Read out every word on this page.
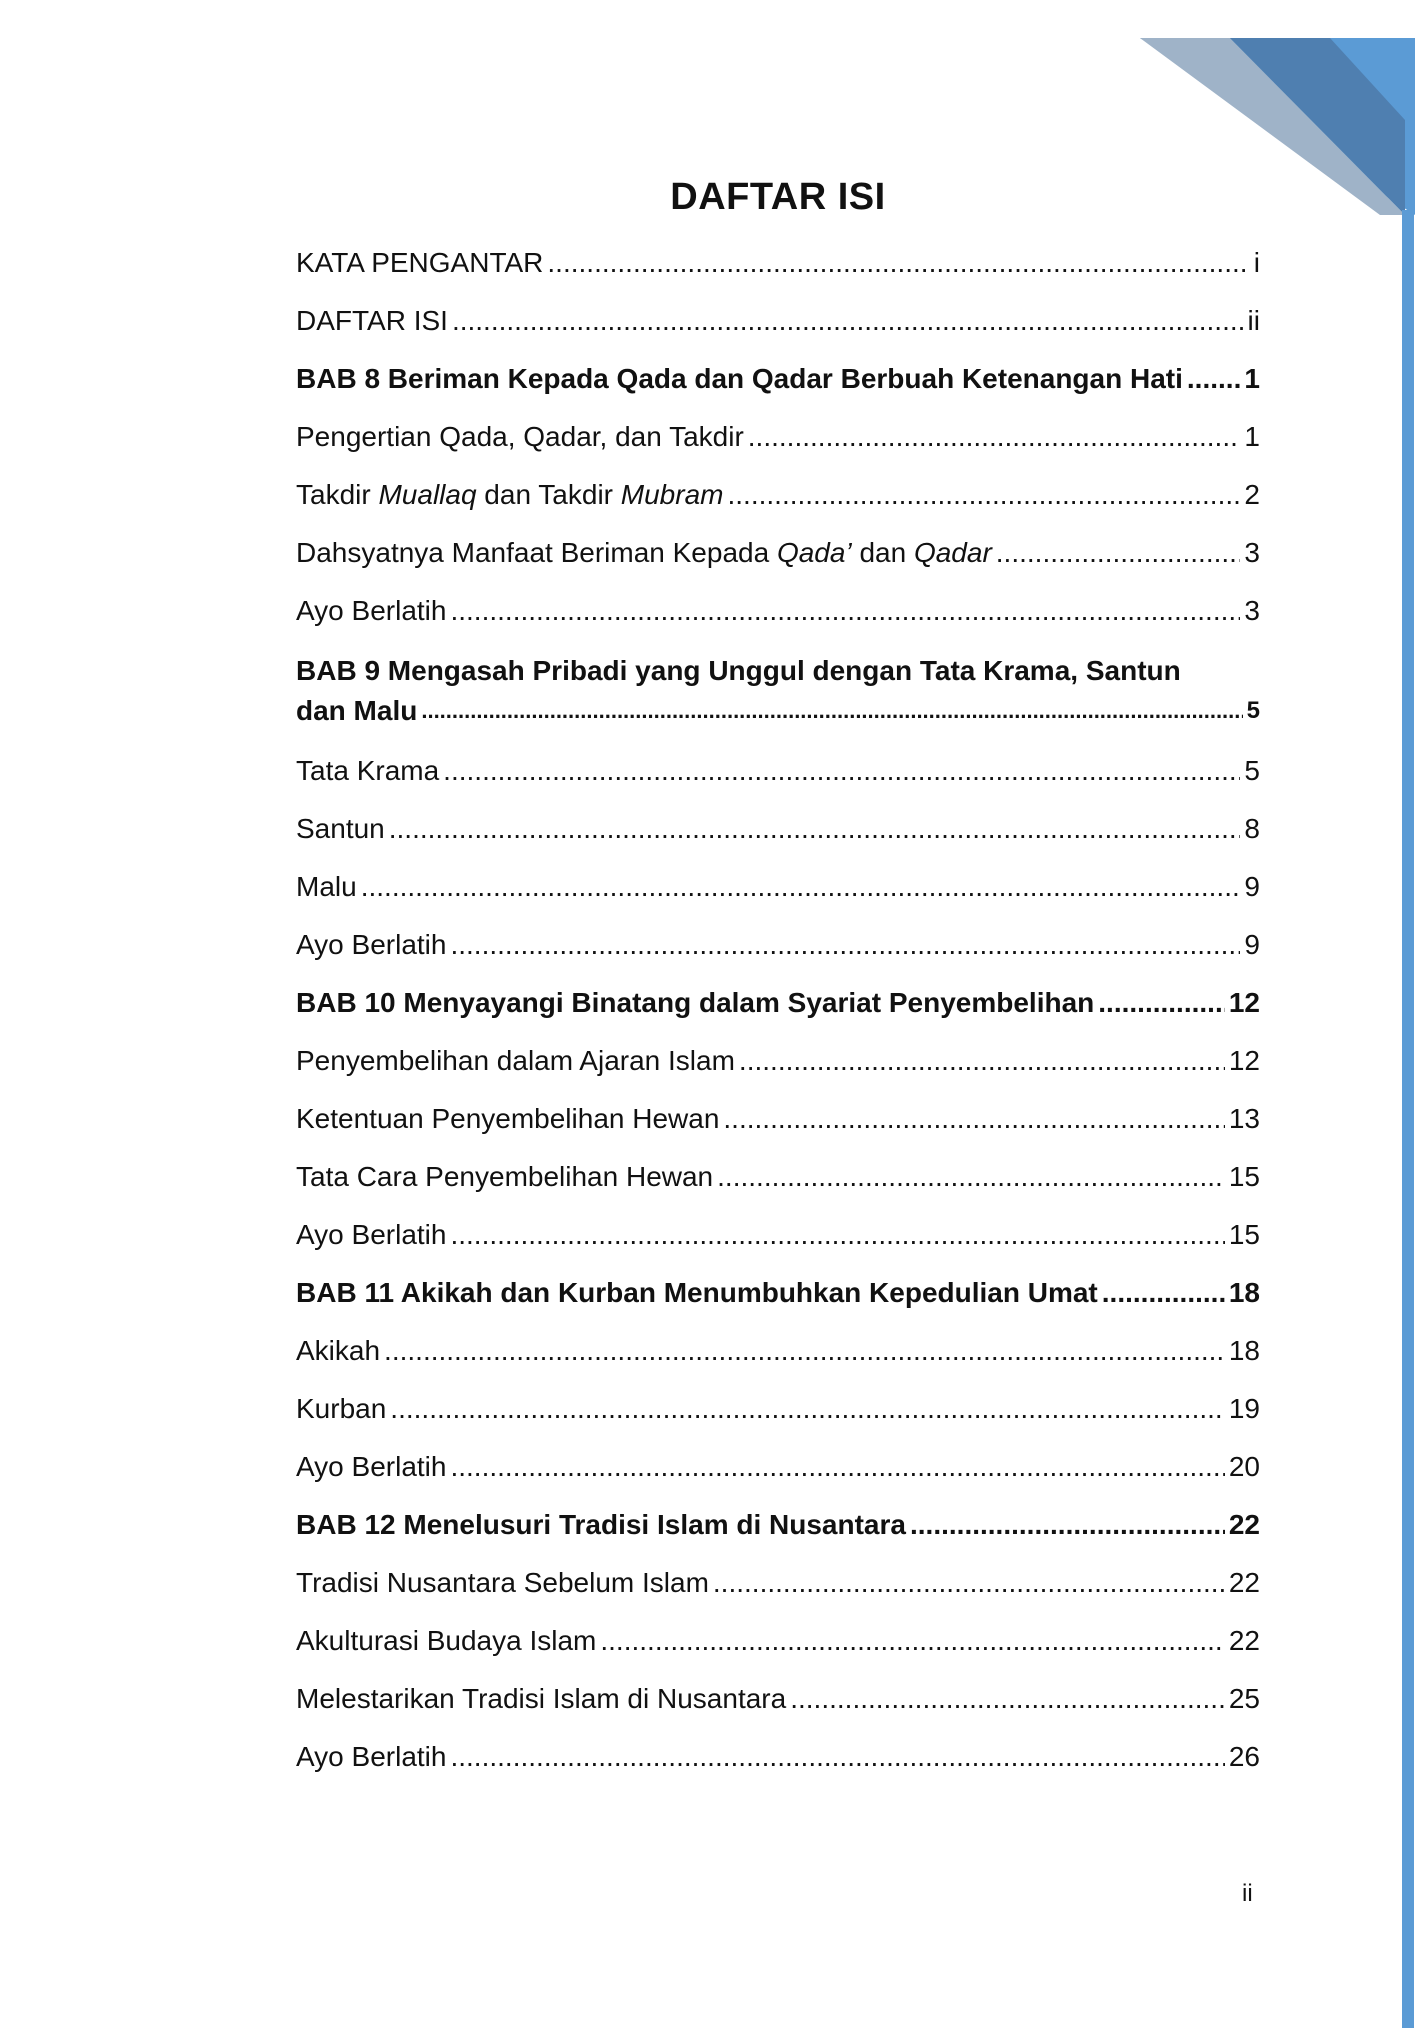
DAFTAR ISI
KATA PENGANTAR .....	i
DAFTAR ISI .....	ii
BAB 8 Beriman Kepada Qada dan Qadar Berbuah Ketenangan Hati ..... 1
Pengertian Qada, Qadar, dan Takdir .....	1
Takdir Muallaq dan Takdir Mubram .....	2
Dahsyatnya Manfaat Beriman Kepada Qada’ dan Qadar .....	3
Ayo Berlatih .....	3
BAB 9 Mengasah Pribadi yang Unggul dengan Tata Krama, Santun
dan Malu .....	5
Tata Krama .....	5
Santun .....	8
Malu .....	9
Ayo Berlatih .....	9
BAB 10 Menyayangi Binatang dalam Syariat Penyembelihan .....	12
Penyembelihan dalam Ajaran Islam .....	12
Ketentuan Penyembelihan Hewan .....	13
Tata Cara Penyembelihan Hewan .....	15
Ayo Berlatih .....	15
BAB 11 Akikah dan Kurban Menumbuhkan Kepedulian Umat .....	18
Akikah .....	18
Kurban .....	19
Ayo Berlatih .....	20
BAB 12 Menelusuri Tradisi Islam di Nusantara .....	22
Tradisi Nusantara Sebelum Islam .....	22
Akulturasi Budaya Islam .....	22
Melestarikan Tradisi Islam di Nusantara .....	25
Ayo Berlatih .....	26
ii
